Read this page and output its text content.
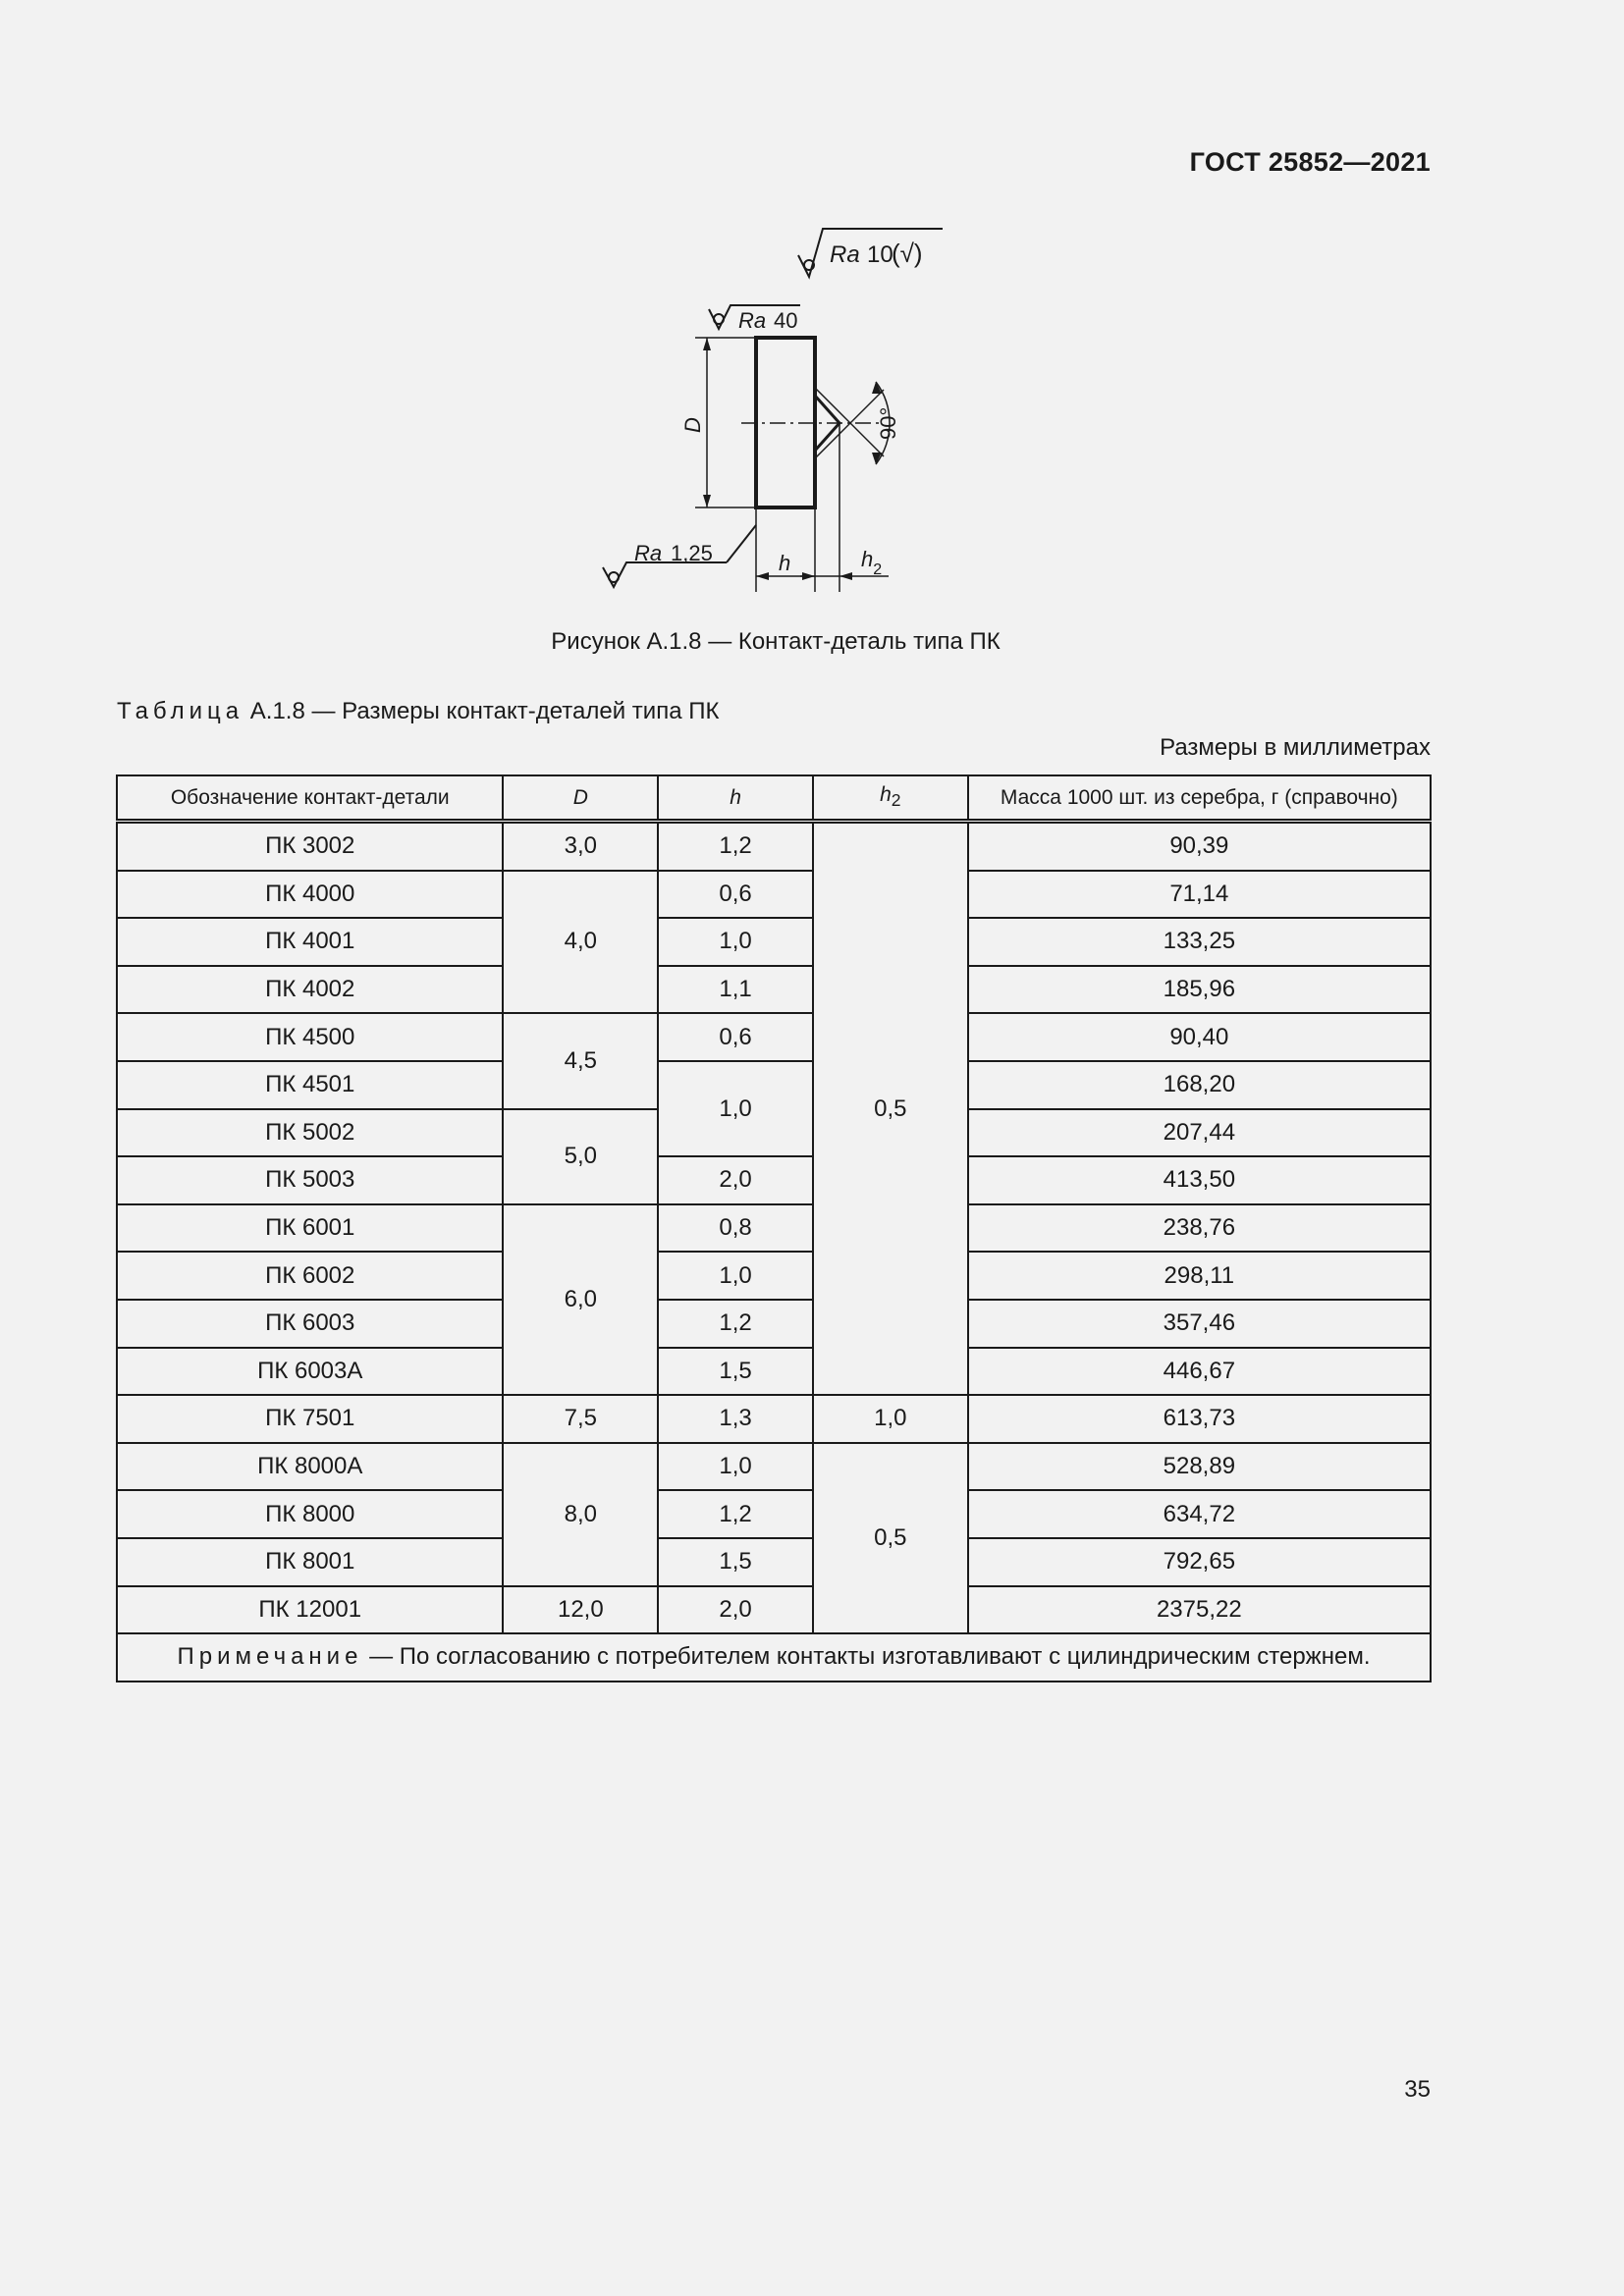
ГОСТ 25852—2021
Ra 10
(√)
Ra 40
Ra 1,25
D
h	$h_2$
90°
Рисунок А.1.8 — Контакт-деталь типа ПК
Таблица А.1.8 — Размеры контакт-деталей типа ПК
Размеры в миллиметрах
Обозначение контакт-детали	D	h	$h_2$	Масса 1000 шт. из серебра, г (справочно)
ПК 3002	3,0	1,2	0,5	90,39
ПК 4000	4,0	0,6		71,14
ПК 4001		1,0		133,25
ПК 4002		1,1		185,96
ПК 4500	4,5	0,6		90,40
ПК 4501		1,0		168,20
ПК 5002	5,0			207,44
ПК 5003		2,0		413,50
ПК 6001	6,0	0,8		238,76
ПК 6002		1,0		298,11
ПК 6003		1,2		357,46
ПК 6003А		1,5		446,67
ПК 7501	7,5	1,3	1,0	613,73
ПК 8000А	8,0	1,0	0,5	528,89
ПК 8000		1,2		634,72
ПК 8001		1,5		792,65
ПК 12001	12,0	2,0		2375,22
Примечание — По согласованию с потребителем контакты изготавливают с цилиндрическим стержнем.				
35
